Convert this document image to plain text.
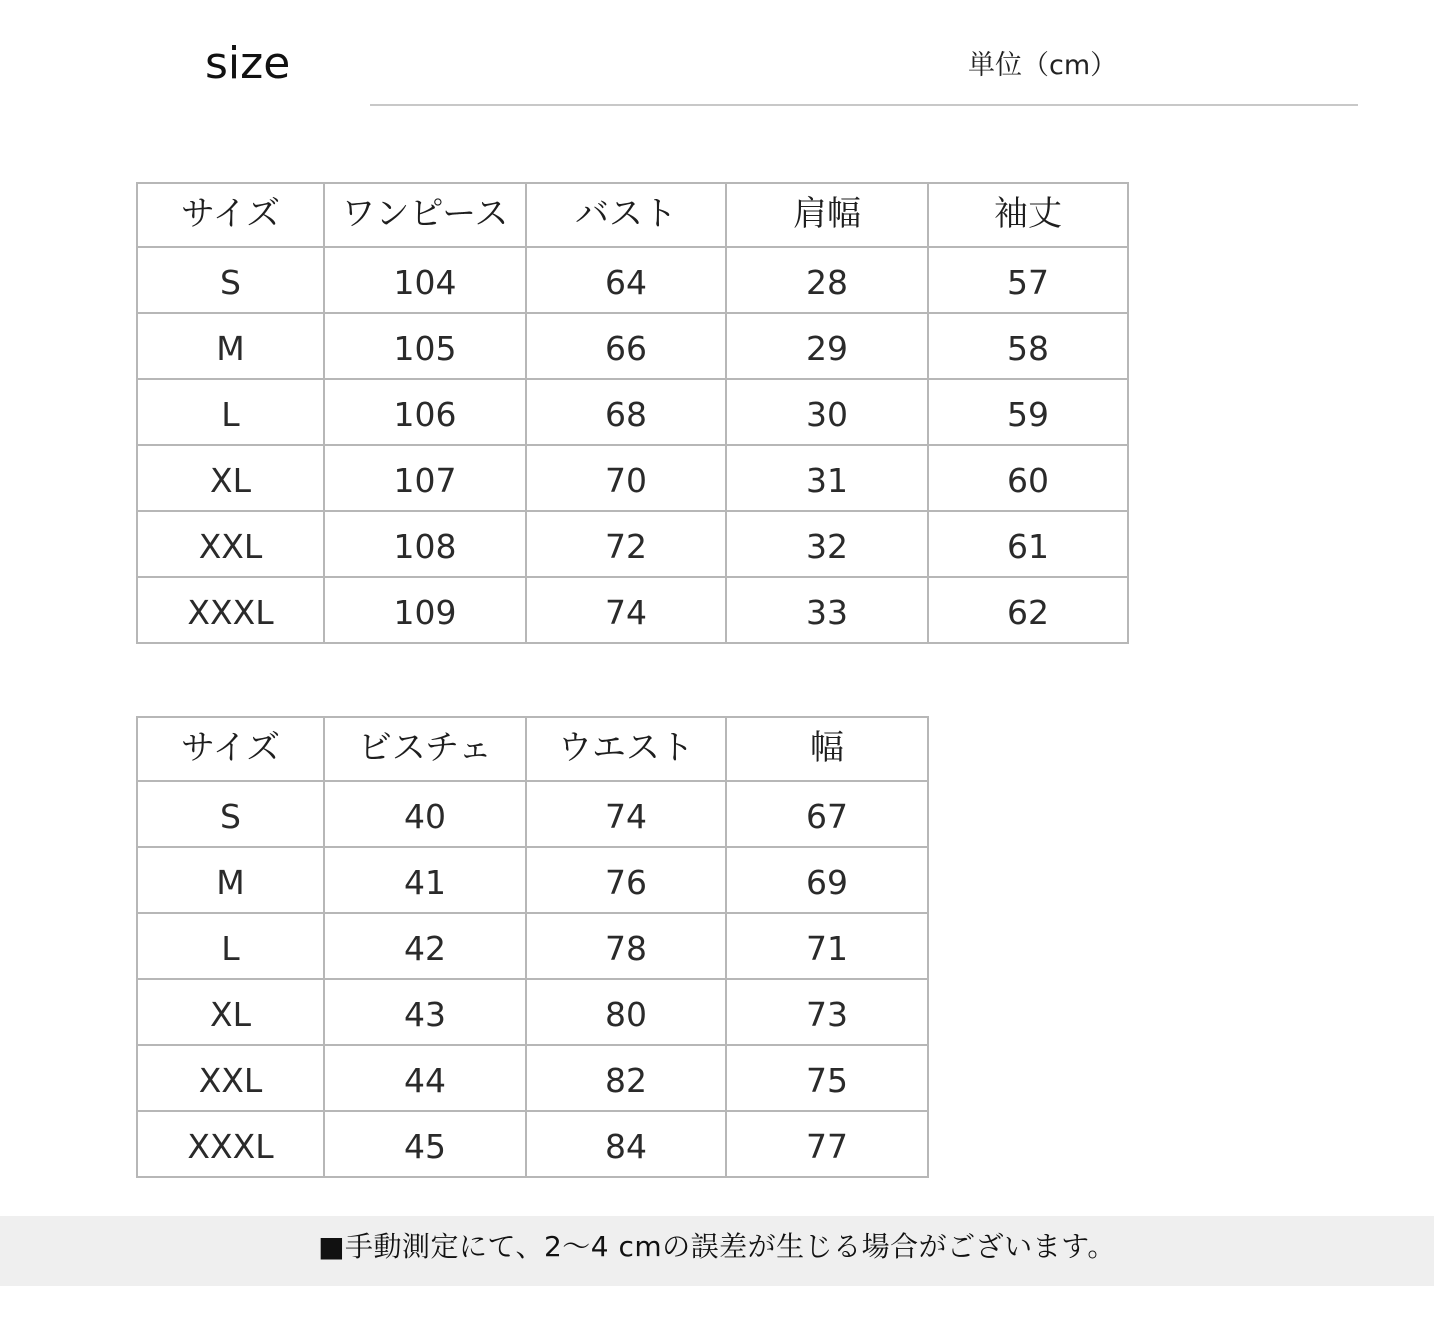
size	単位（cm）
サイズ	ワンピース	バスト	肩幅	袖丈
S	104	64	28	57
M	105	66	29	58
L	106	68	30	59
XL	107	70	31	60
XXL	108	72	32	61
XXXL	109	74	33	62
サイズ	ビスチェ	ウエスト	幅
S	40	74	67
M	41	76	69
L	42	78	71
XL	43	80	73
XXL	44	82	75
XXXL	45	84	77
■手動測定にて、2〜4 cmの誤差が生じる場合がございます。
